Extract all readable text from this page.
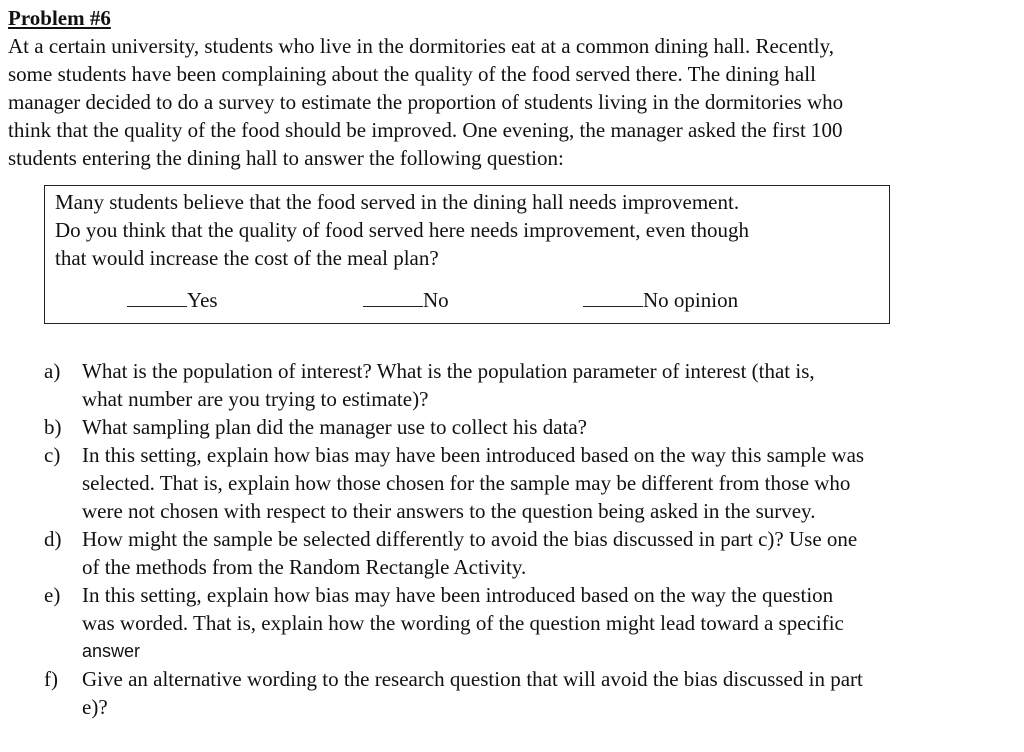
Problem #6

At a certain university, students who live in the dormitories eat at a common dining hall. Recently,
some students have been complaining about the quality of the food served there. The dining hall
manager decided to do a survey to estimate the proportion of students living in the dormitories who
think that the quality of the food should be improved. One evening, the manager asked the first 100
students entering the dining hall to answer the following question:

Many students believe that the food served in the dining hall needs improvement.
Do you think that the quality of food served here needs improvement, even though
that would increase the cost of the meal plan?

Yes	No	No opinion
a) What is the population of interest? What is the population parameter of interest (that is,
what number are you trying to estimate)?
b) What sampling plan did the manager use to collect his data?
c) In this setting, explain how bias may have been introduced based on the way this sample was
selected. That is, explain how those chosen for the sample may be different from those who
were not chosen with respect to their answers to the question being asked in the survey.
d) How might the sample be selected differently to avoid the bias discussed in part c)? Use one
of the methods from the Random Rectangle Activity.
e) In this setting, explain how bias may have been introduced based on the way the question
was worded. That is, explain how the wording of the question might lead toward a specific
answer
f) Give an alternative wording to the research question that will avoid the bias discussed in part
e)?
